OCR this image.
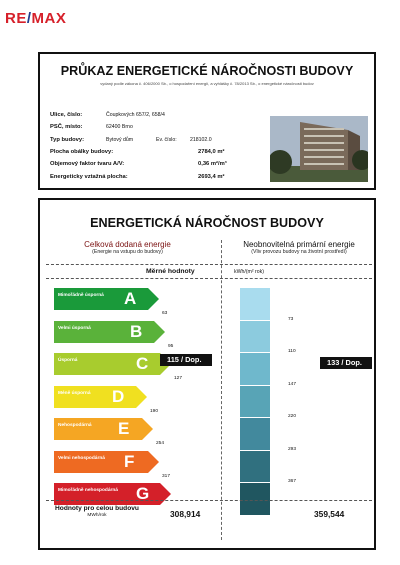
RE/MAX
PRŮKAZ ENERGETICKÉ NÁROČNOSTI BUDOVY
vydaný podle zákona č. 406/2000 Sb., o hospodaření energií, a vyhlášky č. 78/2013 Sb., o energetické náročnosti budov
Ulice, číslo:	Čoupkových 657/2, 658/4
PSČ, místo:	62400 Brno
Typ budovy:	Bytový dům	Ev. číslo:	218102.0
Plocha obálky budovy:	2784,0 m²
Objemový faktor tvaru A/V:	0,36 m²/m³
Energeticky vztažná plocha:	2693,4 m²
ENERGETICKÁ NÁROČNOST BUDOVY
Celková dodaná energie
(Energie na vstupu do budovy)
Neobnovitelná primární energie
(Vliv provozu budovy na životní prostředí)
Měrné hodnoty	kWh/(m² rok)
Mimořádně úsporná	A
Velmi úsporná	B
Úsporná	C
Méně úsporná	D
Nehospodárná	E
Velmi nehospodárná	F
Mimořádně nehospodárná	G
63
95
127
190
254
317
73
110
147
220
293
367
115 / Dop.	133 / Dop.
Hodnoty pro celou budovu
MWh/rok	308,914	359,544
